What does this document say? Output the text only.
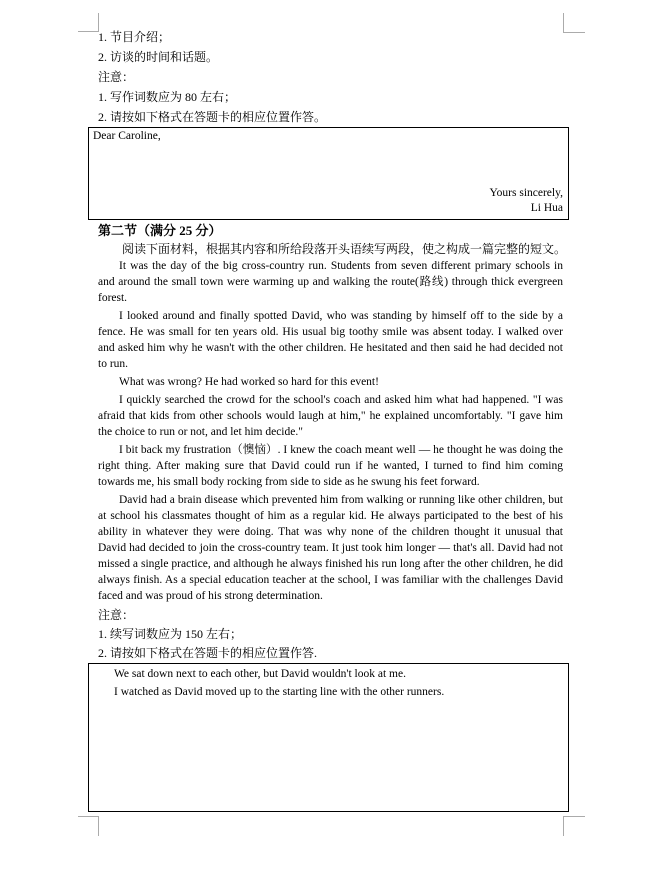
1. 节目介绍；
2. 访谈的时间和话题。
注意：
1. 写作词数应为 80 左右；
2. 请按如下格式在答题卡的相应位置作答。
Dear Caroline,
Yours sincerely,
Li Hua
第二节（满分 25 分）

阅读下面材料，根据其内容和所给段落开头语续写两段，使之构成一篇完整的短文。

It was the day of the big cross-country run. Students from seven different primary schools in and around the small town were warming up and walking the route(路线) through thick evergreen forest.

I looked around and finally spotted David, who was standing by himself off to the side by a fence. He was small for ten years old. His usual big toothy smile was absent today. I walked over and asked him why he wasn't with the other children. He hesitated and then said he had decided not to run.

What was wrong? He had worked so hard for this event!

I quickly searched the crowd for the school's coach and asked him what had happened. "I was afraid that kids from other schools would laugh at him," he explained uncomfortably. "I gave him the choice to run or not, and let him decide."

I bit back my frustration（懊恼）. I knew the coach meant well — he thought he was doing the right thing. After making sure that David could run if he wanted, I turned to find him coming towards me, his small body rocking from side to side as he swung his feet forward.

David had a brain disease which prevented him from walking or running like other children, but at school his classmates thought of him as a regular kid. He always participated to the best of his ability in whatever they were doing. That was why none of the children thought it unusual that David had decided to join the cross-country team. It just took him longer — that's all. David had not missed a single practice, and although he always finished his run long after the other children, he did always finish. As a special education teacher at the school, I was familiar with the challenges David faced and was proud of his strong determination.

注意：
1. 续写词数应为 150 左右；
2. 请按如下格式在答题卡的相应位置作答.

We sat down next to each other, but David wouldn't look at me.

I watched as David moved up to the starting line with the other runners.
